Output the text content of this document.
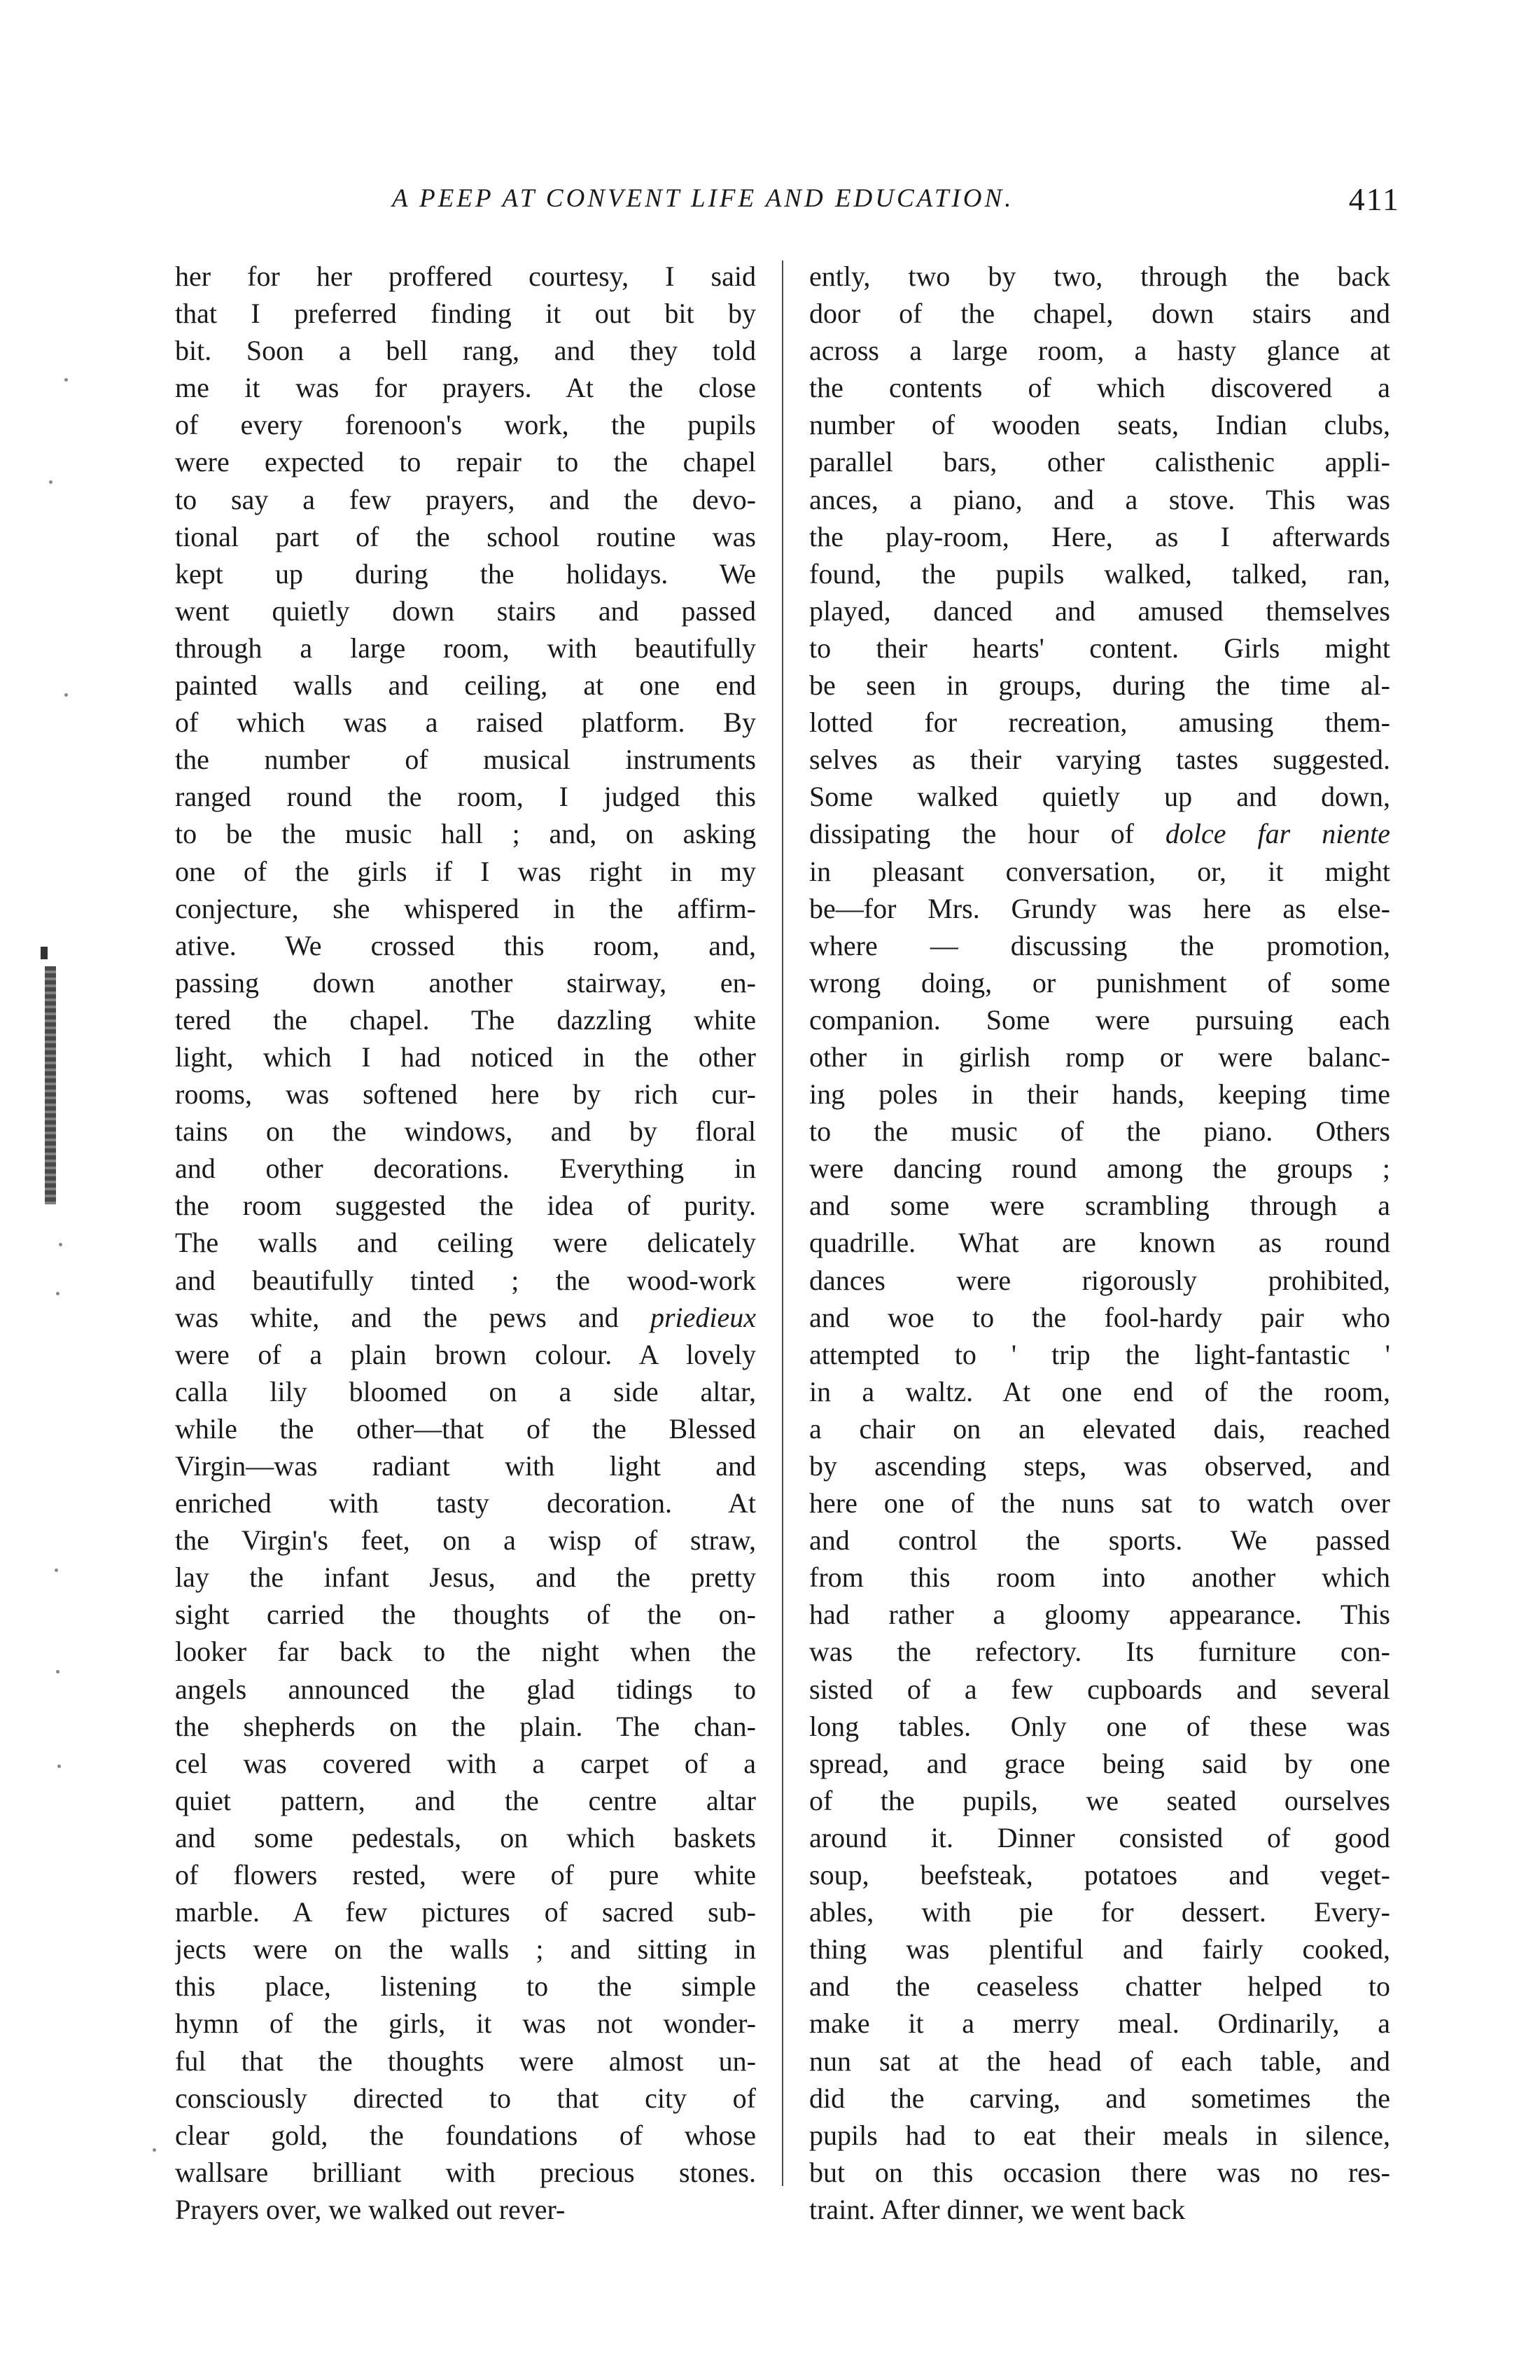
A PEEP AT CONVENT LIFE AND EDUCATION.	411
her for her proffered courtesy, I said
that I preferred finding it out bit by
bit. Soon a bell rang, and they told
me it was for prayers. At the close
of every forenoon's work, the pupils
were expected to repair to the chapel
to say a few prayers, and the devo-
tional part of the school routine was
kept up during the holidays. We
went quietly down stairs and passed
through a large room, with beautifully
painted walls and ceiling, at one end
of which was a raised platform. By
the number of musical instruments
ranged round the room, I judged this
to be the music hall ; and, on asking
one of the girls if I was right in my
conjecture, she whispered in the affirm-
ative. We crossed this room, and,
passing down another stairway, en-
tered the chapel. The dazzling white
light, which I had noticed in the other
rooms, was softened here by rich cur-
tains on the windows, and by floral
and other decorations. Everything in
the room suggested the idea of purity.
The walls and ceiling were delicately
and beautifully tinted ; the wood-work
was white, and the pews and priedieux
were of a plain brown colour. A lovely
calla lily bloomed on a side altar,
while the other—that of the Blessed
Virgin—was radiant with light and
enriched with tasty decoration. At
the Virgin's feet, on a wisp of straw,
lay the infant Jesus, and the pretty
sight carried the thoughts of the on-
looker far back to the night when the
angels announced the glad tidings to
the shepherds on the plain. The chan-
cel was covered with a carpet of a
quiet pattern, and the centre altar
and some pedestals, on which baskets
of flowers rested, were of pure white
marble. A few pictures of sacred sub-
jects were on the walls ; and sitting in
this place, listening to the simple
hymn of the girls, it was not wonder-
ful that the thoughts were almost un-
consciously directed to that city of
clear gold, the foundations of whose
wallsare brilliant with precious stones.
Prayers over, we walked out rever-
ently, two by two, through the back
door of the chapel, down stairs and
across a large room, a hasty glance at
the contents of which discovered a
number of wooden seats, Indian clubs,
parallel bars, other calisthenic appli-
ances, a piano, and a stove. This was
the play-room, Here, as I afterwards
found, the pupils walked, talked, ran,
played, danced and amused themselves
to their hearts' content. Girls might
be seen in groups, during the time al-
lotted for recreation, amusing them-
selves as their varying tastes suggested.
Some walked quietly up and down,
dissipating the hour of dolce far niente
in pleasant conversation, or, it might
be—for Mrs. Grundy was here as else-
where — discussing the promotion,
wrong doing, or punishment of some
companion. Some were pursuing each
other in girlish romp or were balanc-
ing poles in their hands, keeping time
to the music of the piano. Others
were dancing round among the groups ;
and some were scrambling through a
quadrille. What are known as round
dances were rigorously prohibited,
and woe to the fool-hardy pair who
attempted to ' trip the light-fantastic '
in a waltz. At one end of the room,
a chair on an elevated dais, reached
by ascending steps, was observed, and
here one of the nuns sat to watch over
and control the sports. We passed
from this room into another which
had rather a gloomy appearance. This
was the refectory. Its furniture con-
sisted of a few cupboards and several
long tables. Only one of these was
spread, and grace being said by one
of the pupils, we seated ourselves
around it. Dinner consisted of good
soup, beefsteak, potatoes and veget-
ables, with pie for dessert. Every-
thing was plentiful and fairly cooked,
and the ceaseless chatter helped to
make it a merry meal. Ordinarily, a
nun sat at the head of each table, and
did the carving, and sometimes the
pupils had to eat their meals in silence,
but on this occasion there was no res-
traint. After dinner, we went back
